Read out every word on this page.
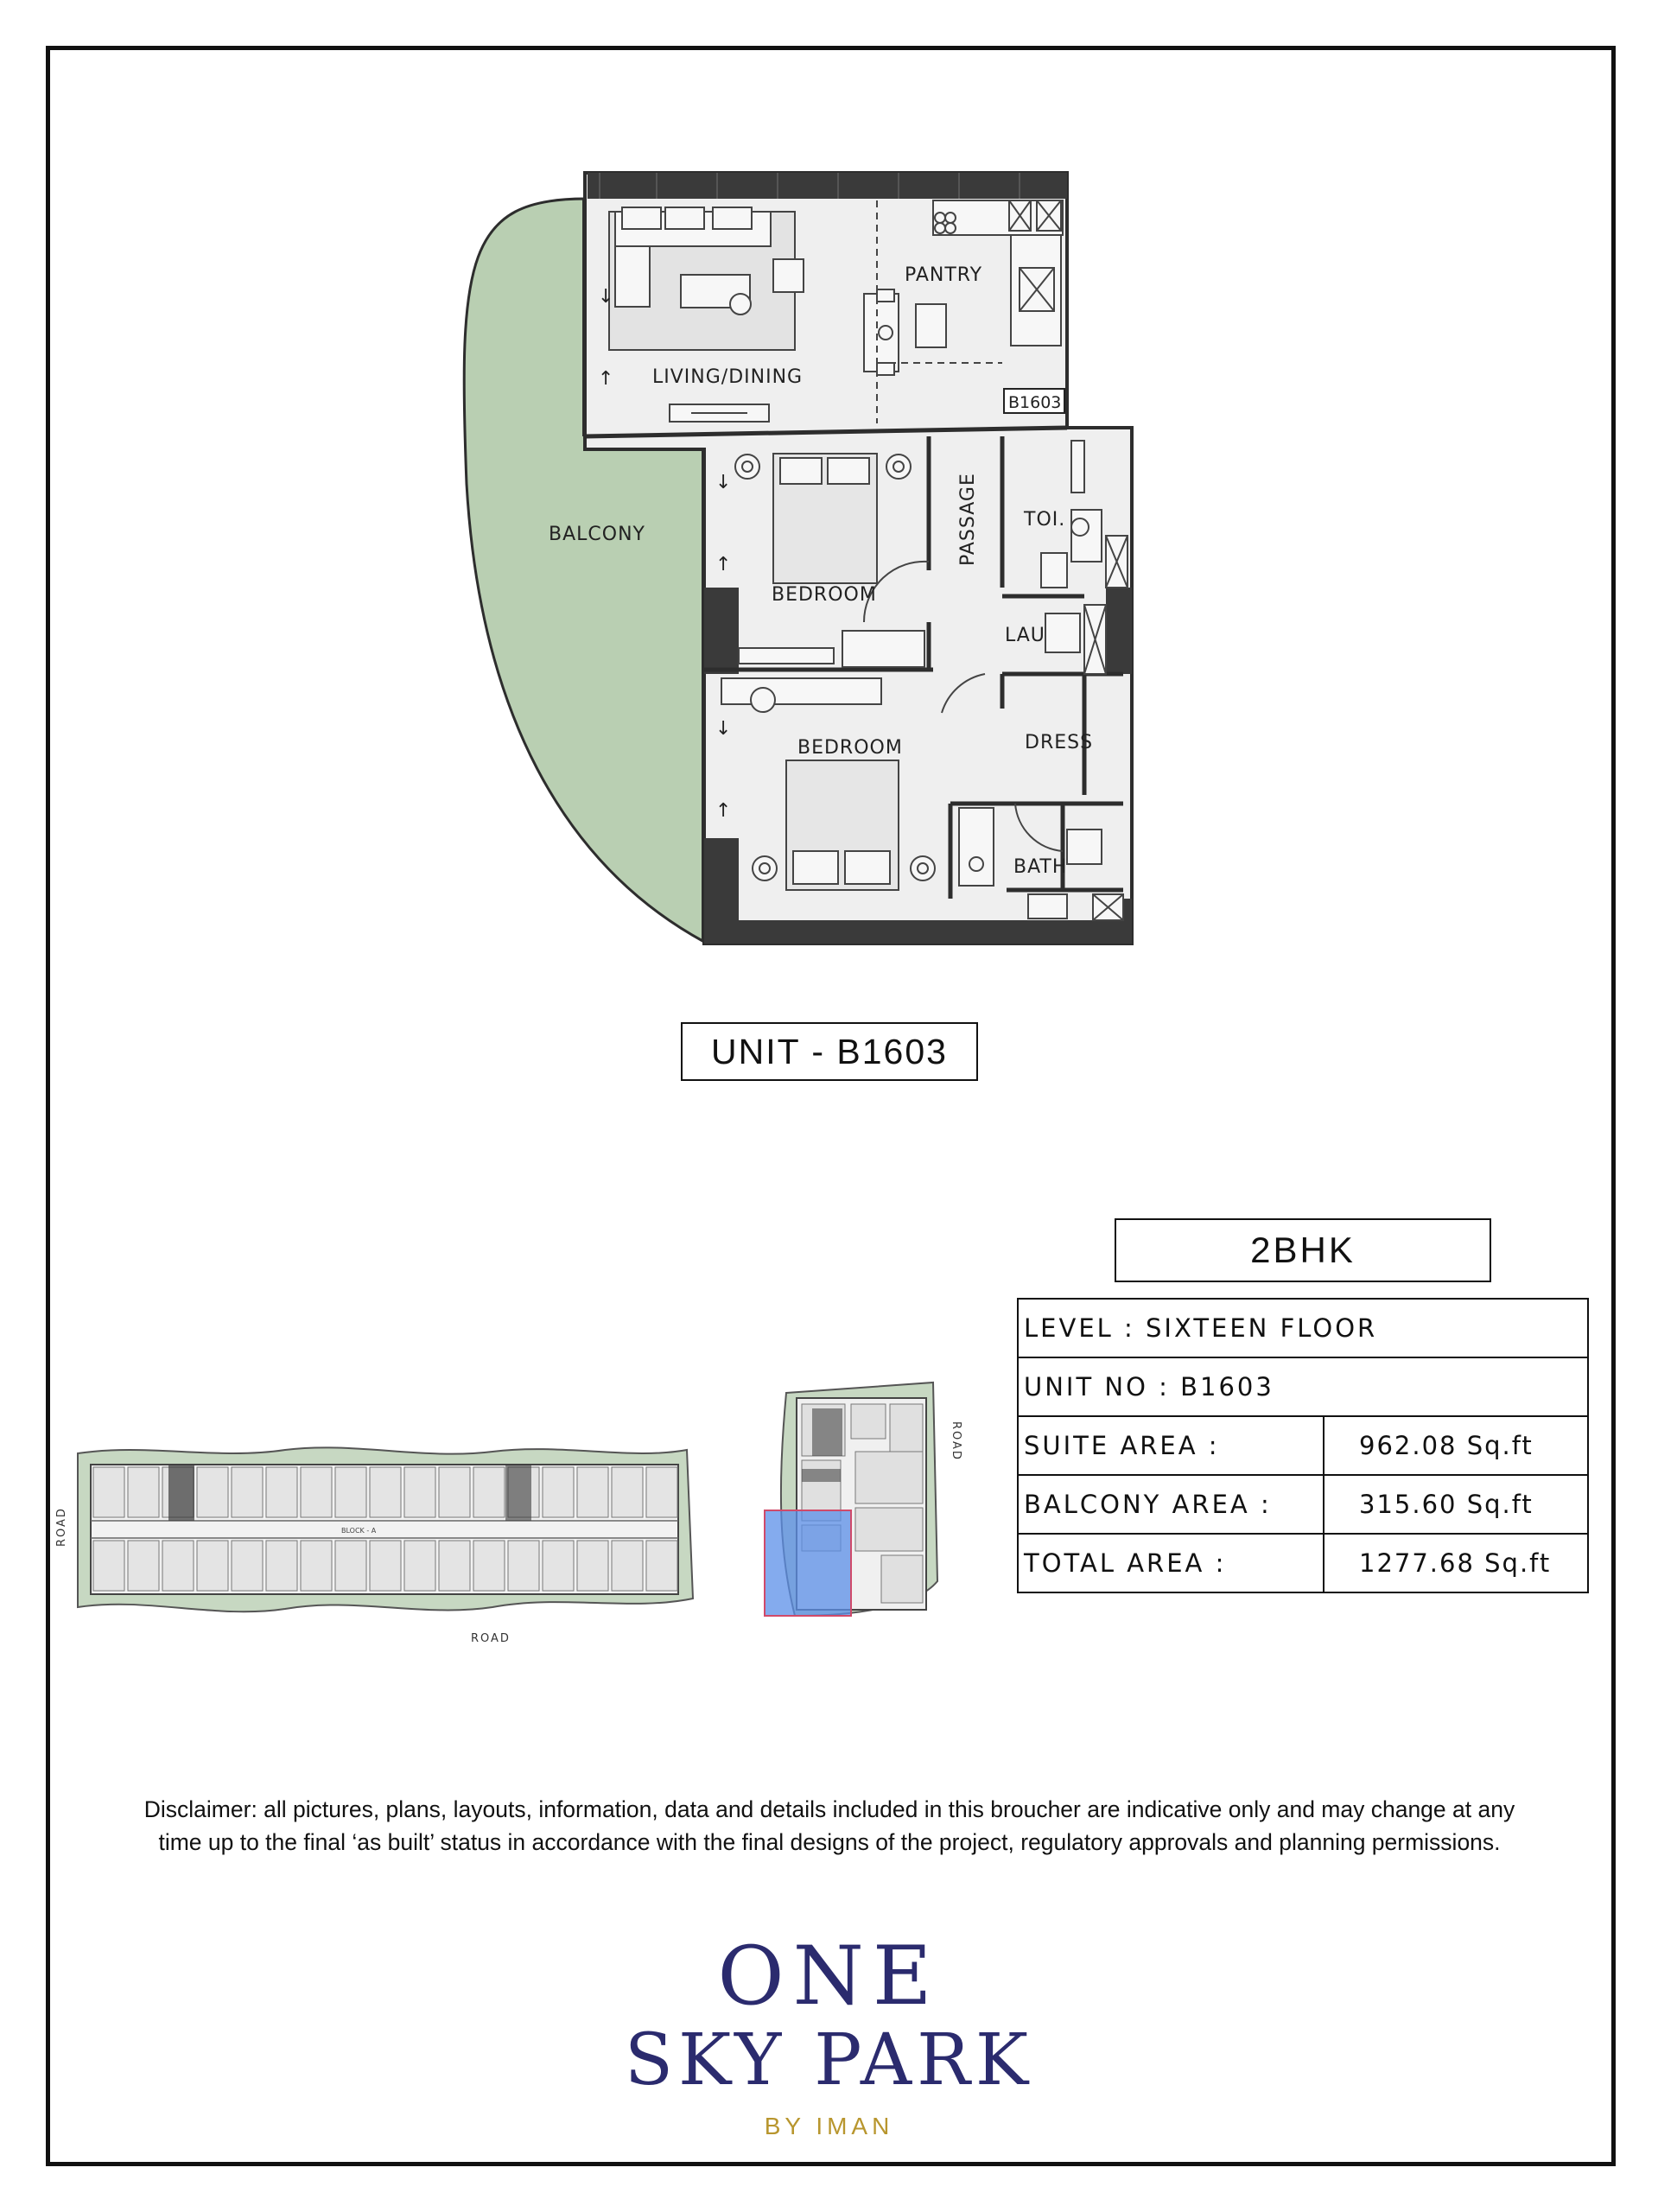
↓
↑
↓
↑
↓
↑
BALCONY
LIVING/DINING
PANTRY
BEDROOM
BEDROOM
TOI.
LAU
DRESS
BATH
PASSAGE
B1603
UNIT - B1603
2BHK
LEVEL : SIXTEEN FLOOR	
UNIT NO : B1603	
SUITE AREA :	962.08 Sq.ft
BALCONY AREA :	315.60 Sq.ft
TOTAL AREA :	1277.68 Sq.ft
BLOCK - A
ROAD
ROAD
ROAD
Disclaimer: all pictures, plans, layouts, information, data and details included in this broucher are indicative only and may change at any time up to the final ‘as built’ status in accordance with the final designs of the project, regulatory approvals and planning permissions.
ONE
SKY PARK
BY IMAN
